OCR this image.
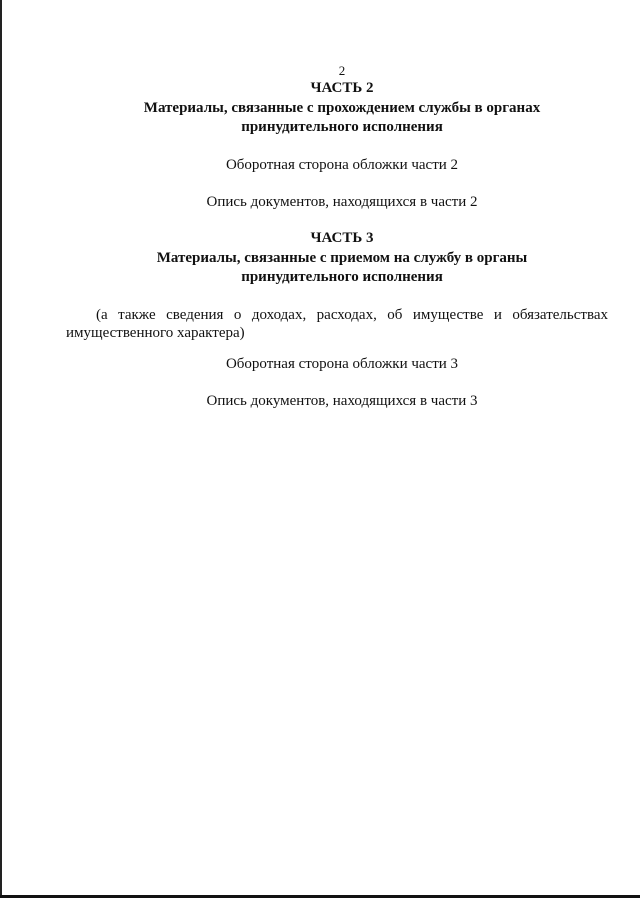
2
ЧАСТЬ 2
Материалы, связанные с прохождением службы в органах
принудительного исполнения
Оборотная сторона обложки части 2
Опись документов, находящихся в части 2
ЧАСТЬ 3
Материалы, связанные с приемом на службу в органы
принудительного исполнения
(а также сведения о доходах, расходах, об имуществе и обязательствах
имущественного характера)
Оборотная сторона обложки части 3
Опись документов, находящихся в части 3
